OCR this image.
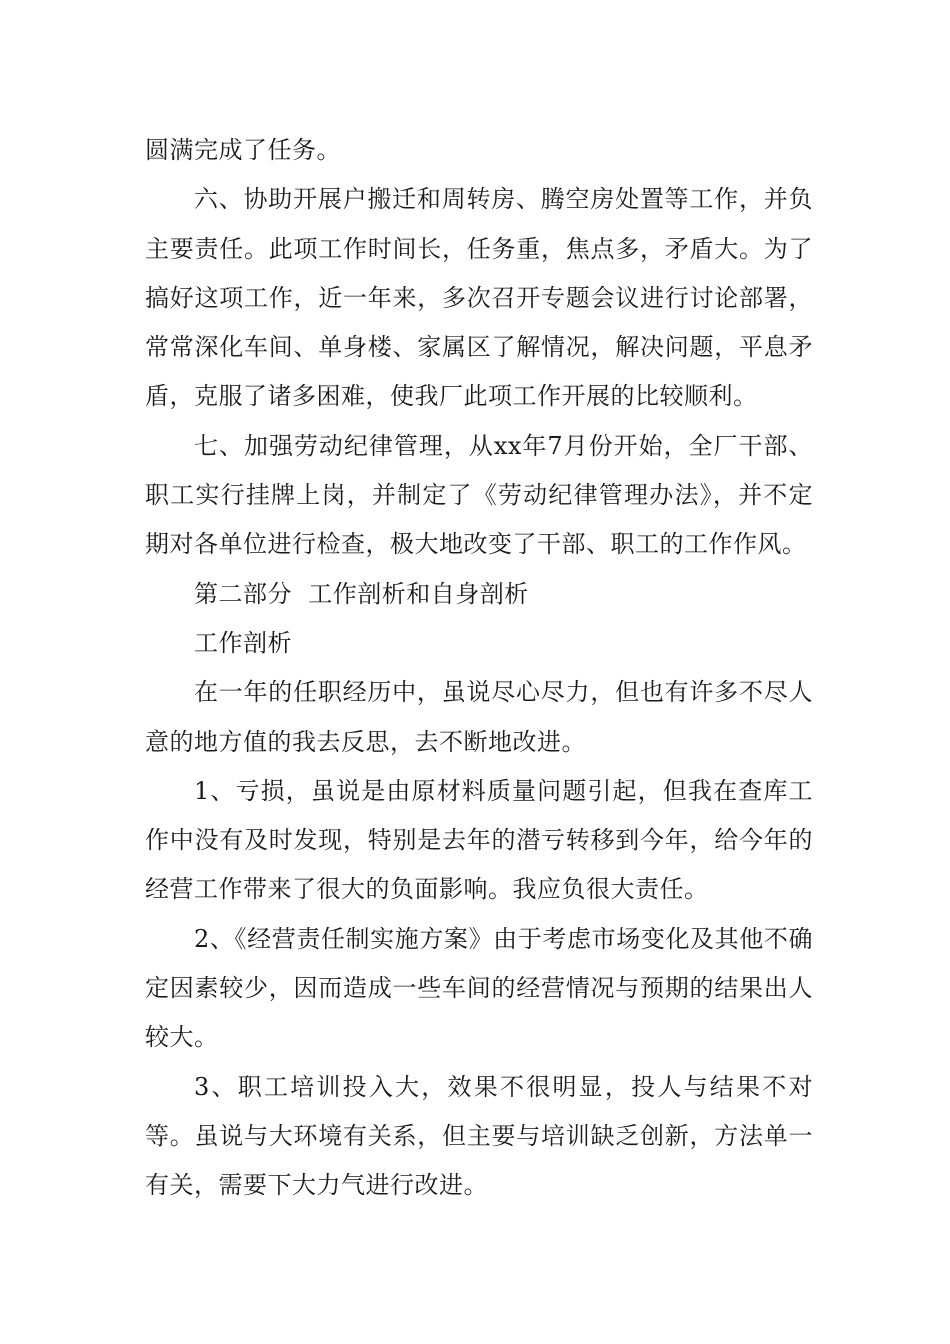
圆满完成了任务。

六、协助开展户搬迁和周转房、腾空房处置等工作，并负主要责任。此项工作时间长，任务重，焦点多，矛盾大。为了搞好这项工作，近一年来，多次召开专题会议进行讨论部署，常常深化车间、单身楼、家属区了解情况，解决问题，平息矛盾，克服了诸多困难，使我厂此项工作开展的比较顺利。

七、加强劳动纪律管理，从xx年7月份开始，全厂干部、职工实行挂牌上岗，并制定了《劳动纪律管理办法》，并不定期对各单位进行检查，极大地改变了干部、职工的工作作风。

第二部分  工作剖析和自身剖析

工作剖析

在一年的任职经历中，虽说尽心尽力，但也有许多不尽人意的地方值的我去反思，去不断地改进。

1、亏损，虽说是由原材料质量问题引起，但我在查库工作中没有及时发现，特别是去年的潜亏转移到今年，给今年的经营工作带来了很大的负面影响。我应负很大责任。

2、《经营责任制实施方案》由于考虑市场变化及其他不确定因素较少，因而造成一些车间的经营情况与预期的结果出人较大。

3、职工培训投入大，效果不很明显，投人与结果不对等。虽说与大环境有关系，但主要与培训缺乏创新，方法单一有关，需要下大力气进行改进。
